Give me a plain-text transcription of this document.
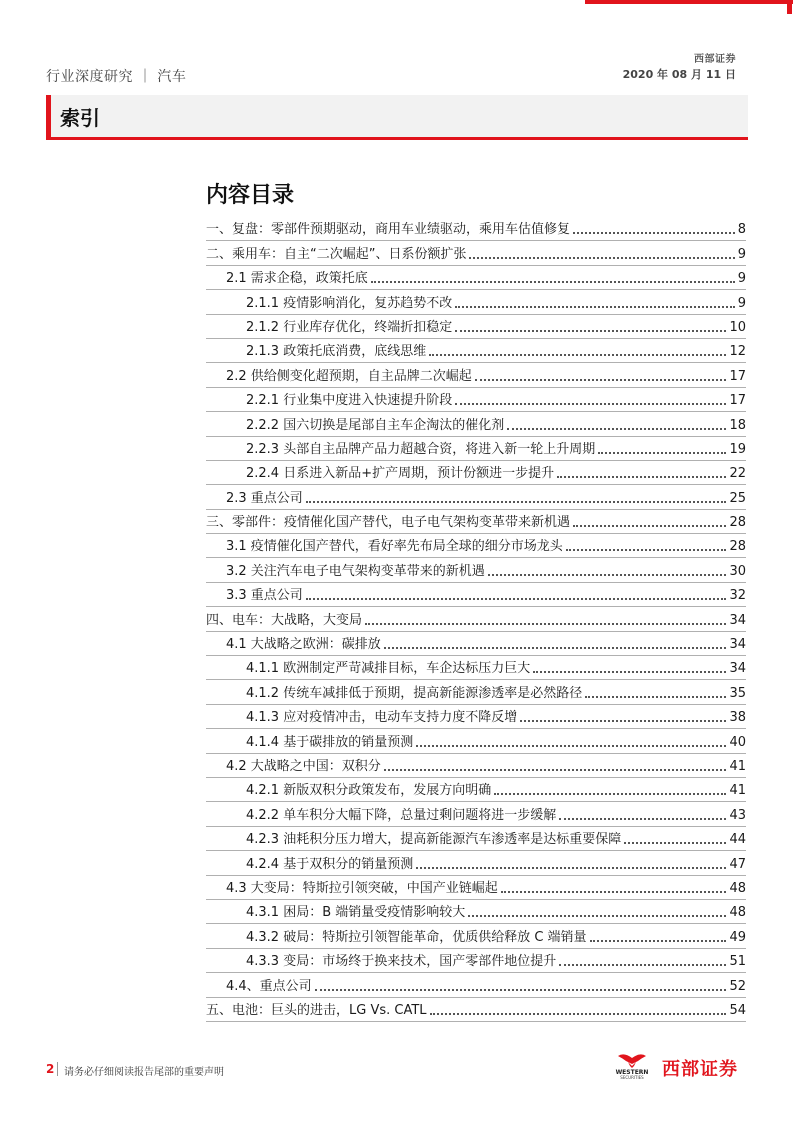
西部证券
2020 年 08 月 11 日
行业深度研究 ｜ 汽车
索引
内容目录
一、复盘：零部件预期驱动，商用车业绩驱动，乘用车估值修复	8
二、乘用车：自主“二次崛起”、日系份额扩张	9
2.1 需求企稳，政策托底	9
2.1.1 疫情影响消化，复苏趋势不改	9
2.1.2 行业库存优化，终端折扣稳定	10
2.1.3 政策托底消费，底线思维	12
2.2 供给侧变化超预期，自主品牌二次崛起	17
2.2.1 行业集中度进入快速提升阶段	17
2.2.2 国六切换是尾部自主车企淘汰的催化剂	18
2.2.3 头部自主品牌产品力超越合资，将进入新一轮上升周期	19
2.2.4 日系进入新品+扩产周期，预计份额进一步提升	22
2.3 重点公司	25
三、零部件：疫情催化国产替代，电子电气架构变革带来新机遇	28
3.1 疫情催化国产替代，看好率先布局全球的细分市场龙头	28
3.2 关注汽车电子电气架构变革带来的新机遇	30
3.3 重点公司	32
四、电车：大战略，大变局	34
4.1 大战略之欧洲：碳排放	34
4.1.1 欧洲制定严苛减排目标，车企达标压力巨大	34
4.1.2 传统车减排低于预期，提高新能源渗透率是必然路径	35
4.1.3 应对疫情冲击，电动车支持力度不降反增	38
4.1.4 基于碳排放的销量预测	40
4.2 大战略之中国：双积分	41
4.2.1 新版双积分政策发布，发展方向明确	41
4.2.2 单车积分大幅下降，总量过剩问题将进一步缓解	43
4.2.3 油耗积分压力增大，提高新能源汽车渗透率是达标重要保障	44
4.2.4 基于双积分的销量预测	47
4.3 大变局：特斯拉引领突破，中国产业链崛起	48
4.3.1 困局：B 端销量受疫情影响较大	48
4.3.2 破局：特斯拉引领智能革命，优质供给释放 C 端销量	49
4.3.3 变局：市场终于换来技术，国产零部件地位提升	51
4.4、重点公司	52
五、电池：巨头的进击，LG Vs. CATL	54
2 请务必仔细阅读报告尾部的重要声明	WESTERN
SECURITIES 西部证券
